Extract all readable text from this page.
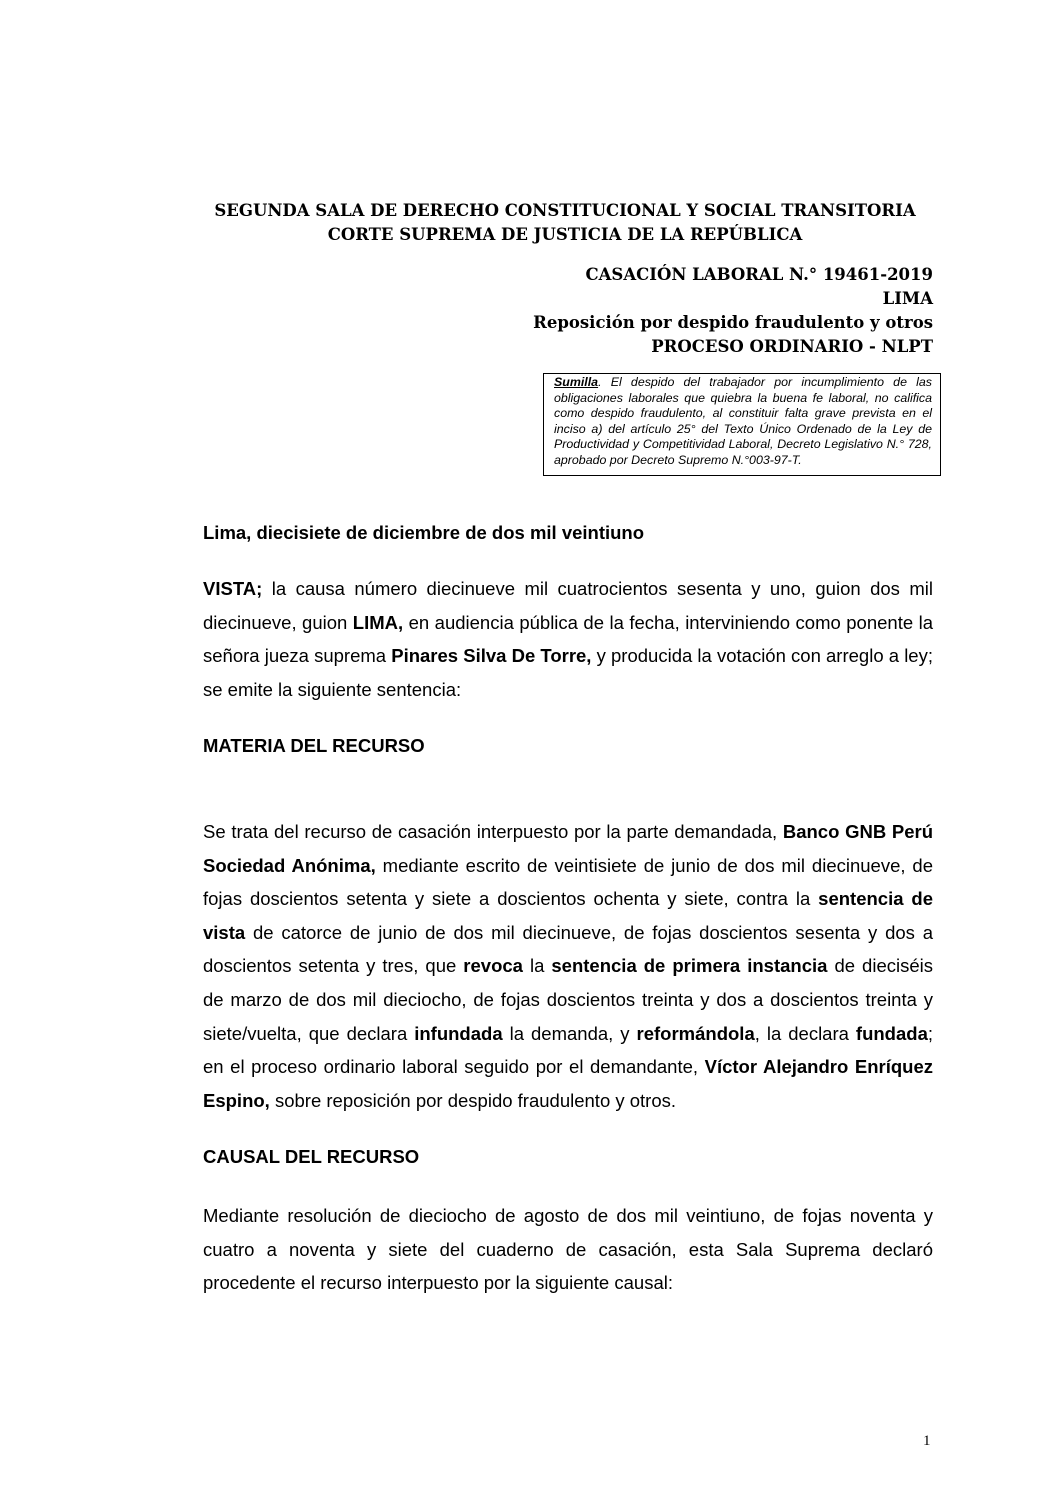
SEGUNDA SALA DE DERECHO CONSTITUCIONAL Y SOCIAL TRANSITORIA
CORTE SUPREMA DE JUSTICIA DE LA REPÚBLICA
CASACIÓN LABORAL N.° 19461-2019
LIMA
Reposición por despido fraudulento y otros
PROCESO ORDINARIO - NLPT
Sumilla. El despido del trabajador por incumplimiento de las obligaciones laborales que quiebra la buena fe laboral, no califica como despido fraudulento, al constituir falta grave prevista en el inciso a) del artículo 25° del Texto Único Ordenado de la Ley de Productividad y Competitividad Laboral, Decreto Legislativo N.° 728, aprobado por Decreto Supremo N.°003-97-T.
Lima, diecisiete de diciembre de dos mil veintiuno
VISTA; la causa número diecinueve mil cuatrocientos sesenta y uno, guion dos mil diecinueve, guion LIMA, en audiencia pública de la fecha, interviniendo como ponente la señora jueza suprema Pinares Silva De Torre, y producida la votación con arreglo a ley; se emite la siguiente sentencia:
MATERIA DEL RECURSO
Se trata del recurso de casación interpuesto por la parte demandada, Banco GNB Perú Sociedad Anónima, mediante escrito de veintisiete de junio de dos mil diecinueve, de fojas doscientos setenta y siete a doscientos ochenta y siete, contra la sentencia de vista de catorce de junio de dos mil diecinueve, de fojas doscientos sesenta y dos a doscientos setenta y tres, que revoca la sentencia de primera instancia de dieciséis de marzo de dos mil dieciocho, de fojas doscientos treinta y dos a doscientos treinta y siete/vuelta, que declara infundada la demanda, y reformándola, la declara fundada; en el proceso ordinario laboral seguido por el demandante, Víctor Alejandro Enríquez Espino, sobre reposición por despido fraudulento y otros.
CAUSAL DEL RECURSO
Mediante resolución de dieciocho de agosto de dos mil veintiuno, de fojas noventa y cuatro a noventa y siete del cuaderno de casación, esta Sala Suprema declaró procedente el recurso interpuesto por la siguiente causal:
1
